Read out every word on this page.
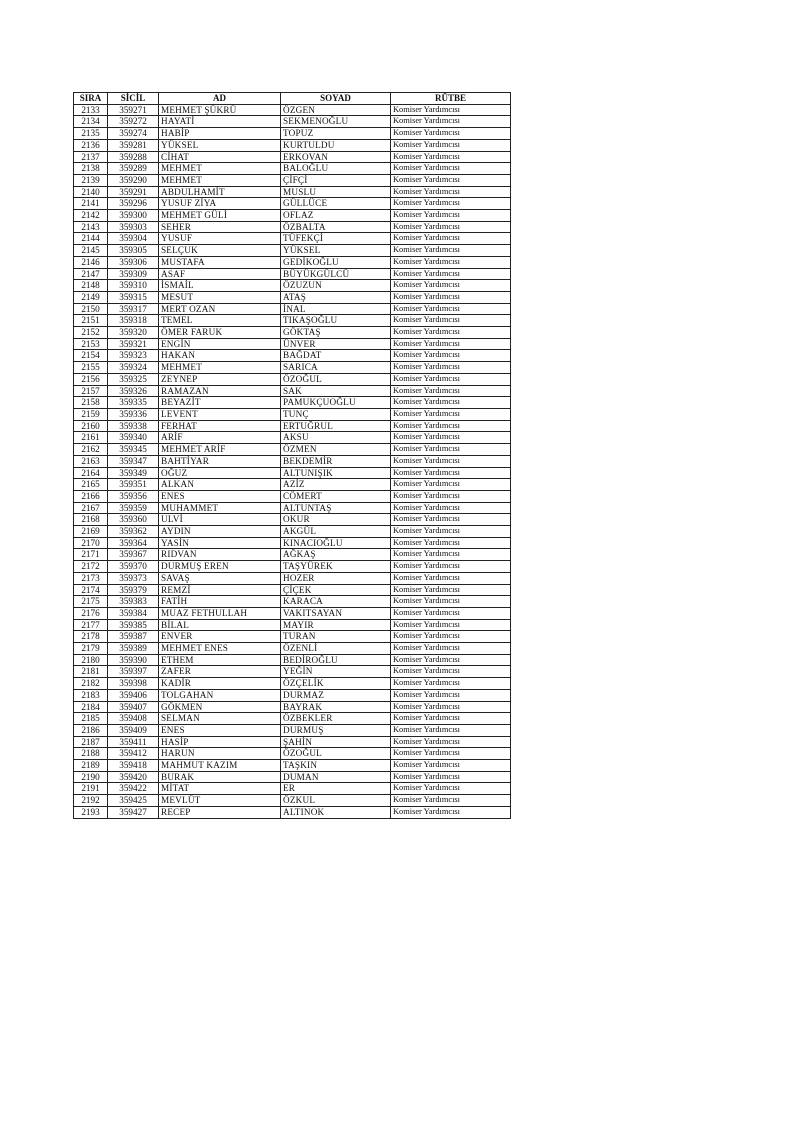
SIRA	SİCİL	AD	SOYAD	RÜTBE
2133	359271	MEHMET ŞÜKRÜ	ÖZGEN	Komiser Yardımcısı
2134	359272	HAYATİ	SEKMENOĞLU	Komiser Yardımcısı
2135	359274	HABİP	TOPUZ	Komiser Yardımcısı
2136	359281	YÜKSEL	KURTULDU	Komiser Yardımcısı
2137	359288	CİHAT	ERKOVAN	Komiser Yardımcısı
2138	359289	MEHMET	BALOĞLU	Komiser Yardımcısı
2139	359290	MEHMET	ÇİFÇİ	Komiser Yardımcısı
2140	359291	ABDULHAMİT	MUSLU	Komiser Yardımcısı
2141	359296	YUSUF ZİYA	GÜLLÜCE	Komiser Yardımcısı
2142	359300	MEHMET GÜLİ	OFLAZ	Komiser Yardımcısı
2143	359303	SEHER	ÖZBALTA	Komiser Yardımcısı
2144	359304	YUSUF	TÜFEKÇİ	Komiser Yardımcısı
2145	359305	SELÇUK	YÜKSEL	Komiser Yardımcısı
2146	359306	MUSTAFA	GEDİKOĞLU	Komiser Yardımcısı
2147	359309	ASAF	BÜYÜKGÜLCÜ	Komiser Yardımcısı
2148	359310	İSMAİL	ÖZUZUN	Komiser Yardımcısı
2149	359315	MESUT	ATAŞ	Komiser Yardımcısı
2150	359317	MERT OZAN	İNAL	Komiser Yardımcısı
2151	359318	TEMEL	TIKAŞOĞLU	Komiser Yardımcısı
2152	359320	ÖMER FARUK	GÖKTAŞ	Komiser Yardımcısı
2153	359321	ENGİN	ÜNVER	Komiser Yardımcısı
2154	359323	HAKAN	BAĞDAT	Komiser Yardımcısı
2155	359324	MEHMET	SARICA	Komiser Yardımcısı
2156	359325	ZEYNEP	ÖZOĞUL	Komiser Yardımcısı
2157	359326	RAMAZAN	SAK	Komiser Yardımcısı
2158	359335	BEYAZİT	PAMUKÇUOĞLU	Komiser Yardımcısı
2159	359336	LEVENT	TUNÇ	Komiser Yardımcısı
2160	359338	FERHAT	ERTUĞRUL	Komiser Yardımcısı
2161	359340	ARİF	AKSU	Komiser Yardımcısı
2162	359345	MEHMET ARİF	ÖZMEN	Komiser Yardımcısı
2163	359347	BAHTİYAR	BEKDEMİR	Komiser Yardımcısı
2164	359349	OĞUZ	ALTUNIŞIK	Komiser Yardımcısı
2165	359351	ALKAN	AZİZ	Komiser Yardımcısı
2166	359356	ENES	CÖMERT	Komiser Yardımcısı
2167	359359	MUHAMMET	ALTUNTAŞ	Komiser Yardımcısı
2168	359360	ULVİ	OKUR	Komiser Yardımcısı
2169	359362	AYDIN	AKGÜL	Komiser Yardımcısı
2170	359364	YASİN	KINACIOĞLU	Komiser Yardımcısı
2171	359367	RIDVAN	AĞKAŞ	Komiser Yardımcısı
2172	359370	DURMUŞ EREN	TAŞYÜREK	Komiser Yardımcısı
2173	359373	SAVAŞ	HOZER	Komiser Yardımcısı
2174	359379	REMZİ	ÇİÇEK	Komiser Yardımcısı
2175	359383	FATİH	KARACA	Komiser Yardımcısı
2176	359384	MUAZ FETHULLAH	VAKITSAYAN	Komiser Yardımcısı
2177	359385	BİLAL	MAYIR	Komiser Yardımcısı
2178	359387	ENVER	TURAN	Komiser Yardımcısı
2179	359389	MEHMET ENES	ÖZENLİ	Komiser Yardımcısı
2180	359390	ETHEM	BEDİROĞLU	Komiser Yardımcısı
2181	359397	ZAFER	YEĞİN	Komiser Yardımcısı
2182	359398	KADİR	ÖZÇELİK	Komiser Yardımcısı
2183	359406	TOLGAHAN	DURMAZ	Komiser Yardımcısı
2184	359407	GÖKMEN	BAYRAK	Komiser Yardımcısı
2185	359408	SELMAN	ÖZBEKLER	Komiser Yardımcısı
2186	359409	ENES	DURMUŞ	Komiser Yardımcısı
2187	359411	HASİP	ŞAHİN	Komiser Yardımcısı
2188	359412	HARUN	ÖZOĞUL	Komiser Yardımcısı
2189	359418	MAHMUT KAZIM	TAŞKIN	Komiser Yardımcısı
2190	359420	BURAK	DUMAN	Komiser Yardımcısı
2191	359422	MİTAT	ER	Komiser Yardımcısı
2192	359425	MEVLÜT	ÖZKUL	Komiser Yardımcısı
2193	359427	RECEP	ALTINOK	Komiser Yardımcısı
